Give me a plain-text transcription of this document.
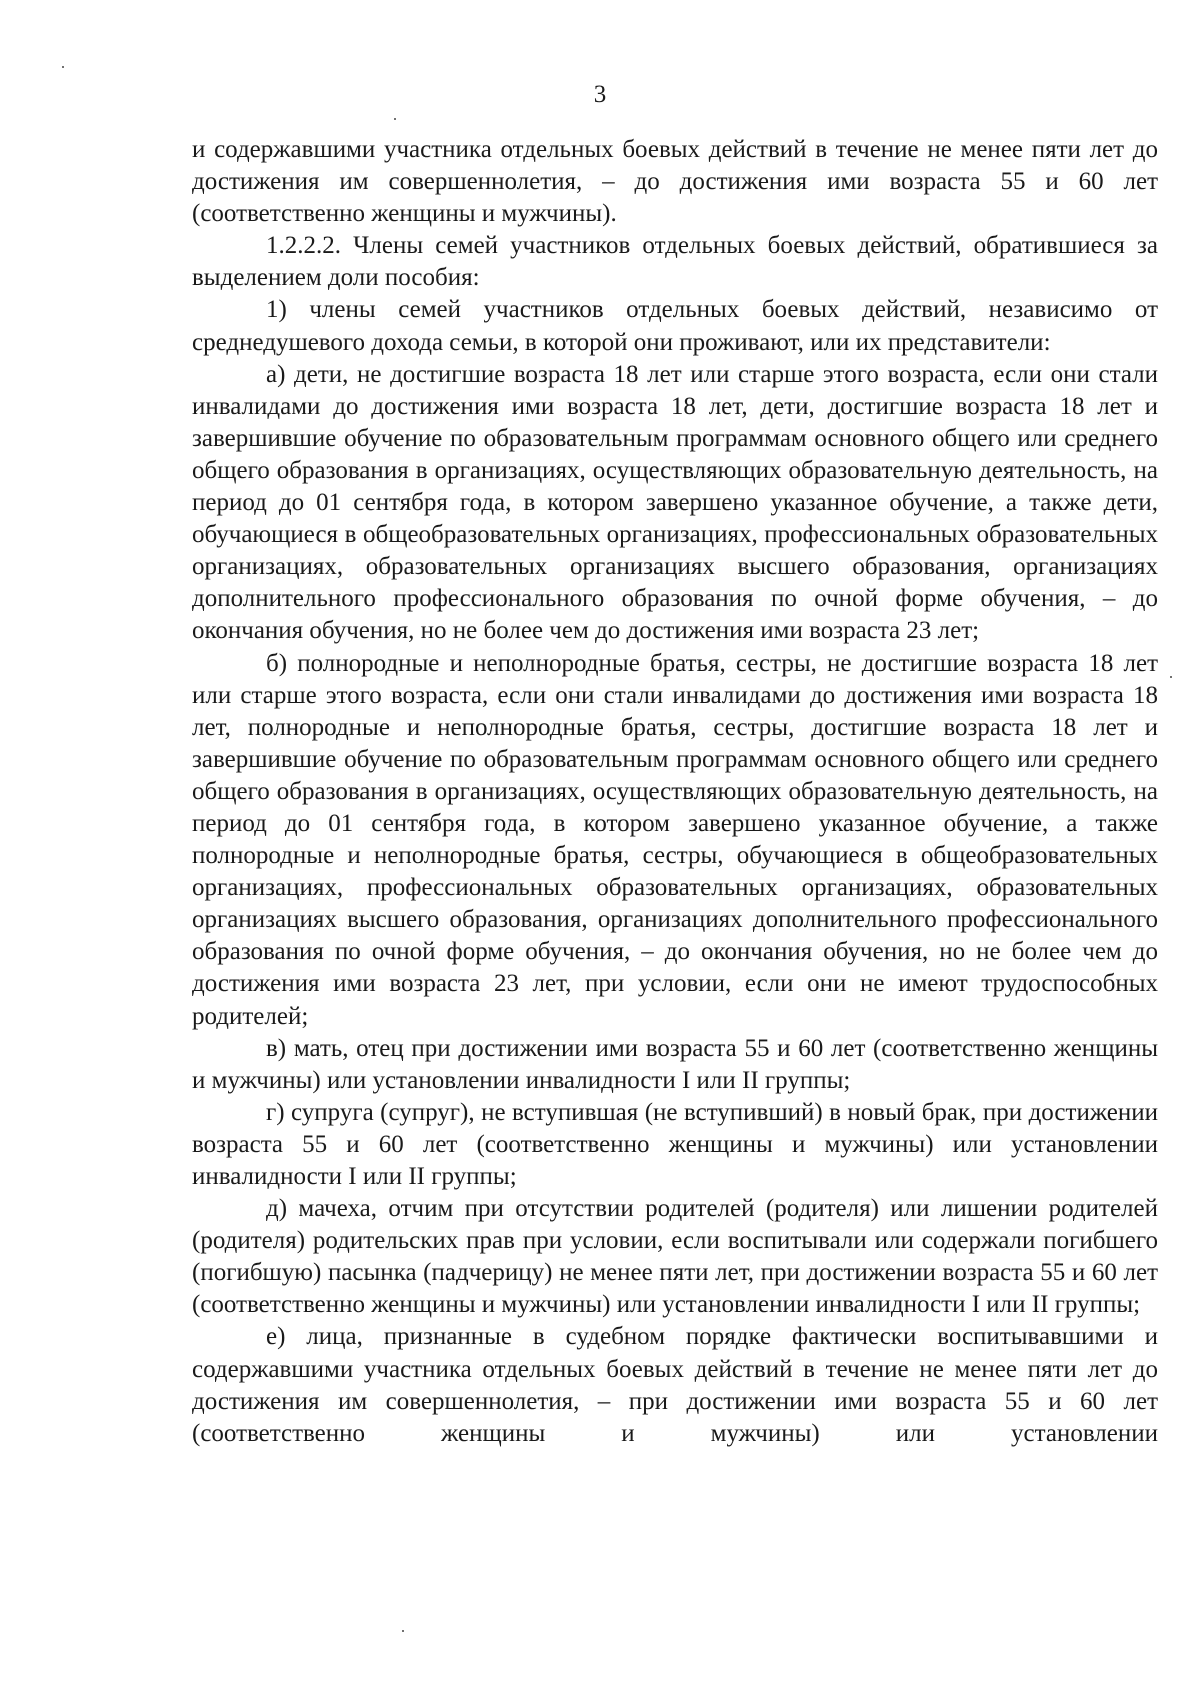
3

и содержавшими участника отдельных боевых действий в течение не менее пяти лет до достижения им совершеннолетия, – до достижения ими возраста 55 и 60 лет (соответственно женщины и мужчины).

1.2.2.2. Члены семей участников отдельных боевых действий, обратившиеся за выделением доли пособия:

1) члены семей участников отдельных боевых действий, независимо от среднедушевого дохода семьи, в которой они проживают, или их представители:

а) дети, не достигшие возраста 18 лет или старше этого возраста, если они стали инвалидами до достижения ими возраста 18 лет, дети, достигшие возраста 18 лет и завершившие обучение по образовательным программам основного общего или среднего общего образования в организациях, осуществляющих образовательную деятельность, на период до 01 сентября года, в котором завершено указанное обучение, а также дети, обучающиеся в общеобразовательных организациях, профессиональных образовательных организациях, образовательных организациях высшего образования, организациях дополнительного профессионального образования по очной форме обучения, – до окончания обучения, но не более чем до достижения ими возраста 23 лет;

б) полнородные и неполнородные братья, сестры, не достигшие возраста 18 лет или старше этого возраста, если они стали инвалидами до достижения ими возраста 18 лет, полнородные и неполнородные братья, сестры, достигшие возраста 18 лет и завершившие обучение по образовательным программам основного общего или среднего общего образования в организациях, осуществляющих образовательную деятельность, на период до 01 сентября года, в котором завершено указанное обучение, а также полнородные и неполнородные братья, сестры, обучающиеся в общеобразовательных организациях, профессиональных образовательных организациях, образовательных организациях высшего образования, организациях дополнительного профессионального образования по очной форме обучения, – до окончания обучения, но не более чем до достижения ими возраста 23 лет, при условии, если они не имеют трудоспособных родителей;

в) мать, отец при достижении ими возраста 55 и 60 лет (соответственно женщины и мужчины) или установлении инвалидности I или II группы;

г) супруга (супруг), не вступившая (не вступивший) в новый брак, при достижении возраста 55 и 60 лет (соответственно женщины и мужчины) или установлении инвалидности I или II группы;

д) мачеха, отчим при отсутствии родителей (родителя) или лишении родителей (родителя) родительских прав при условии, если воспитывали или содержали погибшего (погибшую) пасынка (падчерицу) не менее пяти лет, при достижении возраста 55 и 60 лет (соответственно женщины и мужчины) или установлении инвалидности I или II группы;

е) лица, признанные в судебном порядке фактически воспитывавшими и содержавшими участника отдельных боевых действий в течение не менее пяти лет до достижения им совершеннолетия, – при достижении ими возраста 55 и 60 лет (соответственно женщины и мужчины) или установлении
